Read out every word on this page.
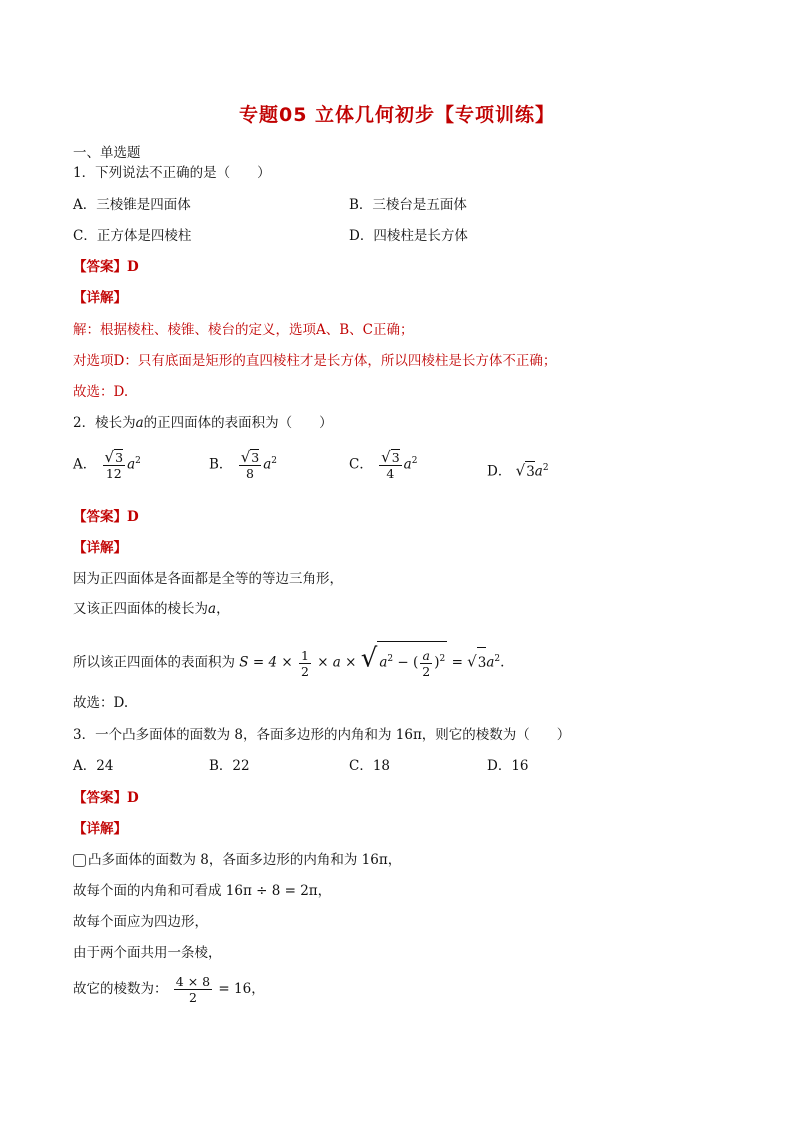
专题05 立体几何初步【专项训练】
一、单选题
1．下列说法不正确的是（　　）
A．三棱锥是四面体	B．三棱台是五面体
C．正方体是四棱柱	D．四棱柱是长方体
【答案】D
【详解】
解：根据棱柱、棱锥、棱台的定义，选项A、B、C正确；
对选项D：只有底面是矩形的直四棱柱才是长方体，所以四棱柱是长方体不正确；
故选：D.
2．棱长为a的正四面体的表面积为（　　）
A． $\frac{√3}{12} a^2$	B． $\frac{√3}{8} a^2$	C． $\frac{√3}{4} a^2$
D． $√3a^2$
【答案】D
【详解】
因为正四面体是各面都是全等的等边三角形，
又该正四面体的棱长为a，
所以该正四面体的表面积为 $S = 4 \times \frac{1}{2} \times a$ × √ $a^2$ − ( $\frac{a}{2} )^2 = √3a^2$.
故选：D.
3．一个凸多面体的面数为 8，各面多边形的内角和为 16π，则它的棱数为（　　）
A．24	B．22	C．18	D．16
【答案】D
【详解】
凸多面体的面数为 8，各面多边形的内角和为 16π，
故每个面的内角和可看成 16π ÷ 8 = 2π，
故每个面应为四边形，
由于两个面共用一条棱，
故它的棱数为： $\frac{4 \times 8}{2} = 16$，
